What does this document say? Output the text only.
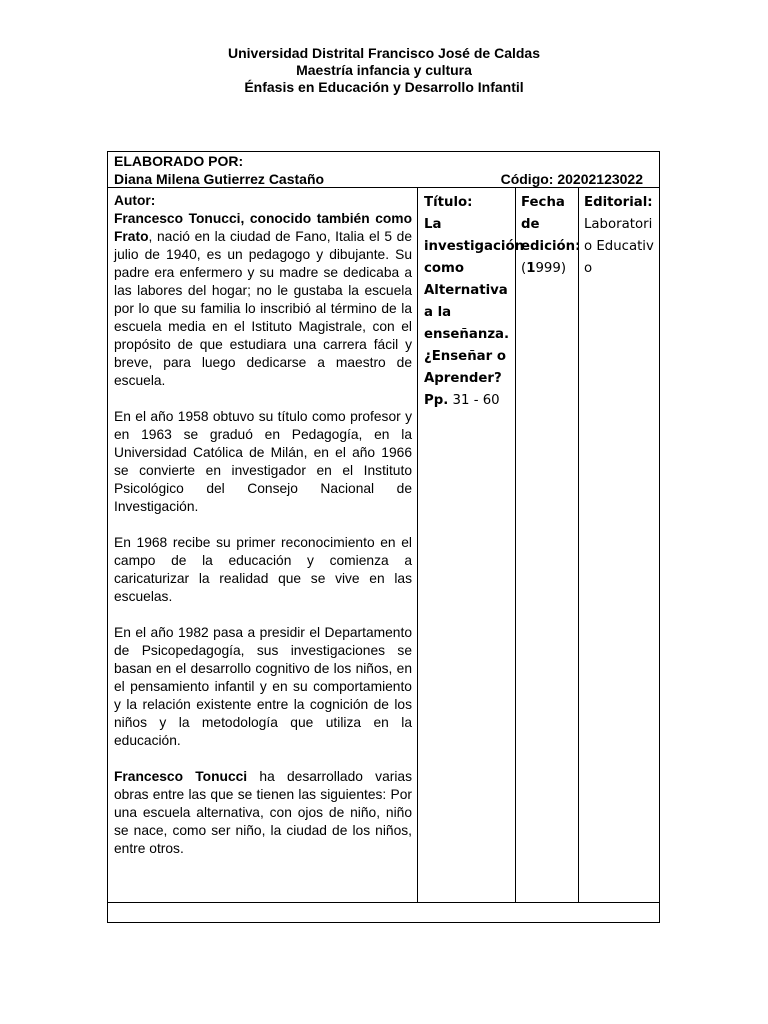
Universidad Distrital Francisco José de Caldas
Maestría infancia y cultura
Énfasis en Educación y Desarrollo Infantil
ELABORADO POR:
Diana Milena Gutierrez Castaño	Código: 20202123022
Autor:

Francesco Tonucci, conocido también como Frato, nació en la ciudad de Fano, Italia el 5 de julio de 1940, es un pedagogo y dibujante. Su padre era enfermero y su madre se dedicaba a las labores del hogar; no le gustaba la escuela por lo que su familia lo inscribió al término de la escuela media en el Istituto Magistrale, con el propósito de que estudiara una carrera fácil y breve, para luego dedicarse a maestro de escuela.

En el año 1958 obtuvo su título como profesor y en 1963 se graduó en Pedagogía, en la Universidad Católica de Milán, en el año 1966 se convierte en investigador en el Instituto Psicológico del Consejo Nacional de Investigación.

En 1968 recibe su primer reconocimiento en el campo de la educación y comienza a caricaturizar la realidad que se vive en las escuelas.

En el año 1982 pasa a presidir el Departamento de Psicopedagogía, sus investigaciones se basan en el desarrollo cognitivo de los niños, en el pensamiento infantil y en su comportamiento y la relación existente entre la cognición de los niños y la metodología que utiliza en la educación.

Francesco Tonucci ha desarrollado varias obras entre las que se tienen las siguientes: Por una escuela alternativa, con ojos de niño, niño se nace, como ser niño, la ciudad de los niños, entre otros.

Título:
La investigación como Alternativa a la enseñanza. ¿Enseñar o Aprender?
Pp. 31 - 60
Fecha de edición:
(1999)
Editorial:
Laboratorio Educativo
